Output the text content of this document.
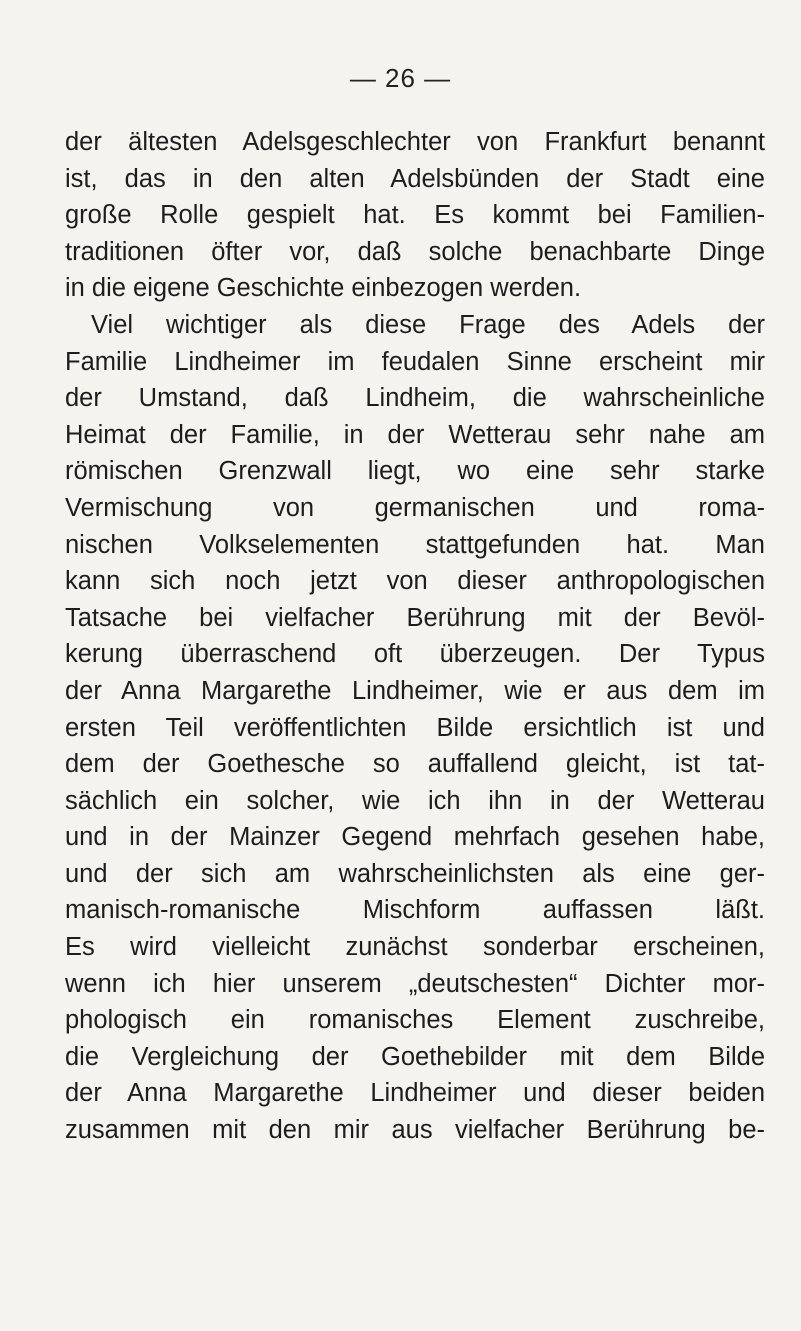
— 26 —
der ältesten Adelsgeschlechter von Frankfurt benannt
ist, das in den alten Adelsbünden der Stadt eine
große Rolle gespielt hat. Es kommt bei Familien-
traditionen öfter vor, daß solche benachbarte Dinge
in die eigene Geschichte einbezogen werden.
Viel wichtiger als diese Frage des Adels der
Familie Lindheimer im feudalen Sinne erscheint mir
der Umstand, daß Lindheim, die wahrscheinliche
Heimat der Familie, in der Wetterau sehr nahe am
römischen Grenzwall liegt, wo eine sehr starke
Vermischung von germanischen und roma-
nischen Volkselementen stattgefunden hat. Man
kann sich noch jetzt von dieser anthropologischen
Tatsache bei vielfacher Berührung mit der Bevöl-
kerung überraschend oft überzeugen. Der Typus
der Anna Margarethe Lindheimer, wie er aus dem im
ersten Teil veröffentlichten Bilde ersichtlich ist und
dem der Goethesche so auffallend gleicht, ist tat-
sächlich ein solcher, wie ich ihn in der Wetterau
und in der Mainzer Gegend mehrfach gesehen habe,
und der sich am wahrscheinlichsten als eine ger-
manisch-romanische Mischform auffassen läßt.
Es wird vielleicht zunächst sonderbar erscheinen,
wenn ich hier unserem „deutschesten“ Dichter mor-
phologisch ein romanisches Element zuschreibe,
die Vergleichung der Goethebilder mit dem Bilde
der Anna Margarethe Lindheimer und dieser beiden
zusammen mit den mir aus vielfacher Berührung be-
